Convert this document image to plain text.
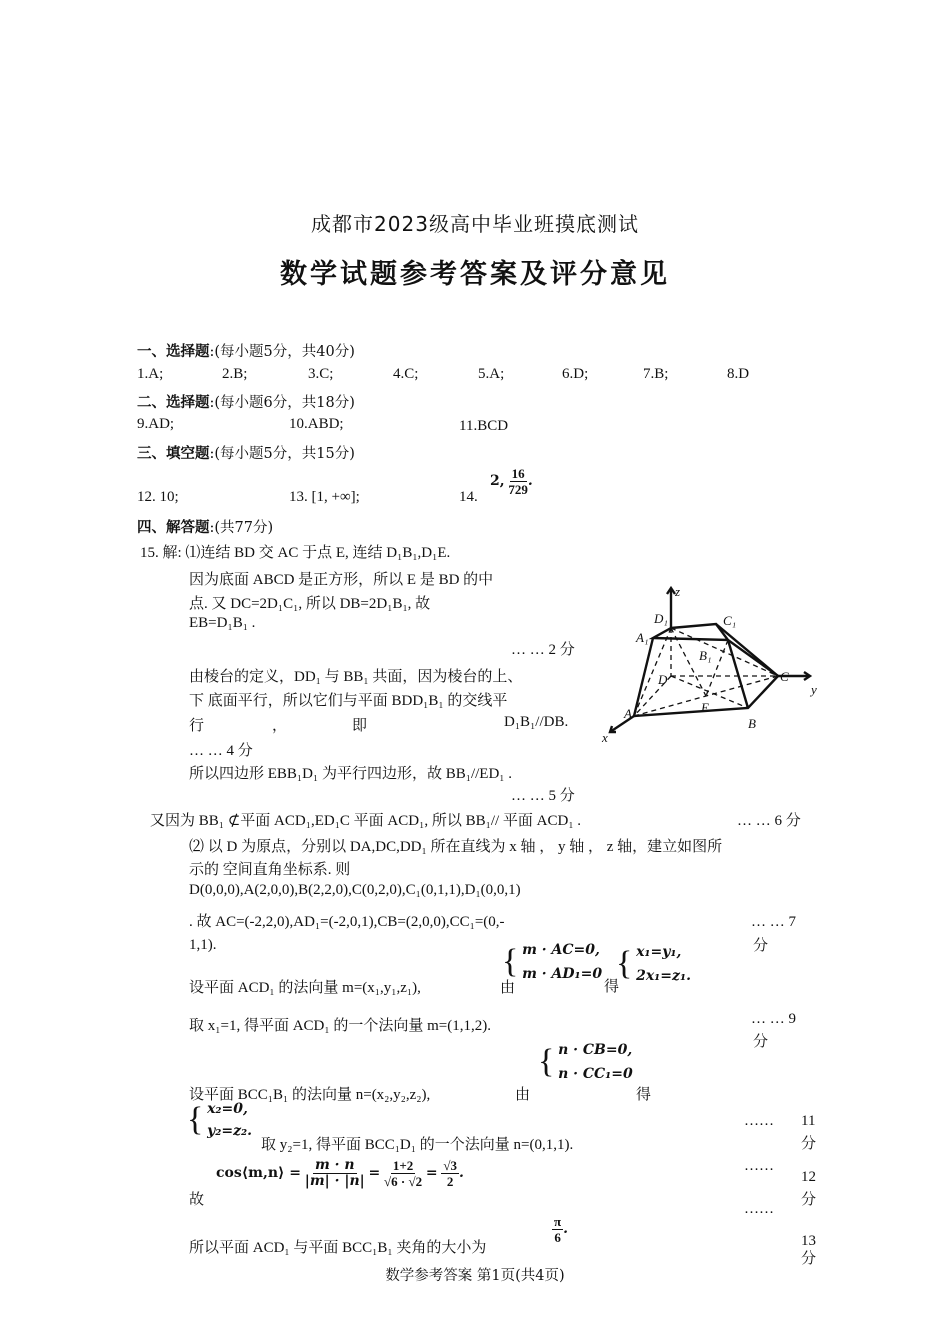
成都市2023级高中毕业班摸底测试
数学试题参考答案及评分意见
一、选择题:(每小题5分，共40分)
1.A;	2.B;	3.C;	4.C;	5.A;	6.D;	7.B;	8.D
二、选择题:(每小题6分，共18分)
9.AD;	10.ABD;	11.BCD
三、填空题:(每小题5分，共15分)
12. 10;	13. [1, +∞];	14.
2, $\frac{16}{729}$ .
四、解答题:(共77分)
15. 解: ⑴连结 BD 交 AC 于点 E, 连结 D₁B₁,D₁E.
因为底面 ABCD 是正方形，所以 E 是 BD 的中
点. 又 DC=2D₁C₁, 所以 DB=2D₁B₁, 故
EB=D₁B₁ .
… … 2 分
由棱台的定义，DD₁ 与 BB₁ 共面，因为棱台的上、
下 底面平行，所以它们与平面 BDD₁B₁ 的交线平
行	，	即	D₁B₁//DB.
… … 4 分
所以四边形 EBB₁D₁ 为平行四边形，故 BB₁//ED₁ .
… … 5 分
又因为 BB₁ ⊄平面 ACD₁,ED₁C 平面 ACD₁, 所以 BB₁// 平面 ACD₁ .	… … 6 分
⑵ 以 D 为原点，分别以 DA,DC,DD₁ 所在直线为 x 轴 ， y 轴 ， z 轴，建立如图所
示的 空间直角坐标系. 则
D(0,0,0),A(2,0,0),B(2,2,0),C(0,2,0),C₁(0,1,1),D₁(0,0,1)
. 故 AC=(-2,2,0),AD₁=(-2,0,1),CB=(2,0,0),CC₁=(0,-
1,1).
… … 7
分
设平面 ACD₁ 的法向量 m=(x₁,y₁,z₁),	由
{ m · AC=0,
m · AD₁=0
得
{ x₁=y₁,
2x₁=z₁.
取 x₁=1, 得平面 ACD₁ 的一个法向量 m=(1,1,2).	… … 9
分
设平面 BCC₁B₁ 的法向量 n=(x₂,y₂,z₂),	由
{ n · CB=0,
n · CC₁=0
得
{ x₂=0,
y₂=z₂.
取 y₂=1, 得平面 BCC₁D₁ 的一个法向量 n=(0,1,1).
…… 11
分
故
cos⟨m,n⟩ = $\frac{m \cdot n}{|m| \cdot |n|} = \frac{1+2}{√6 \cdot √2} = \frac{√3}{2}$ .	……
12
分
……
所以平面 ACD₁ 与平面 BCC₁B₁ 夹角的大小为
$\frac{\pi}{6}$ .
13
分
z
D₁	C₁
A₁
B₁
D	C
y
A	E
B
x
数学参考答案 第1页(共4页)
